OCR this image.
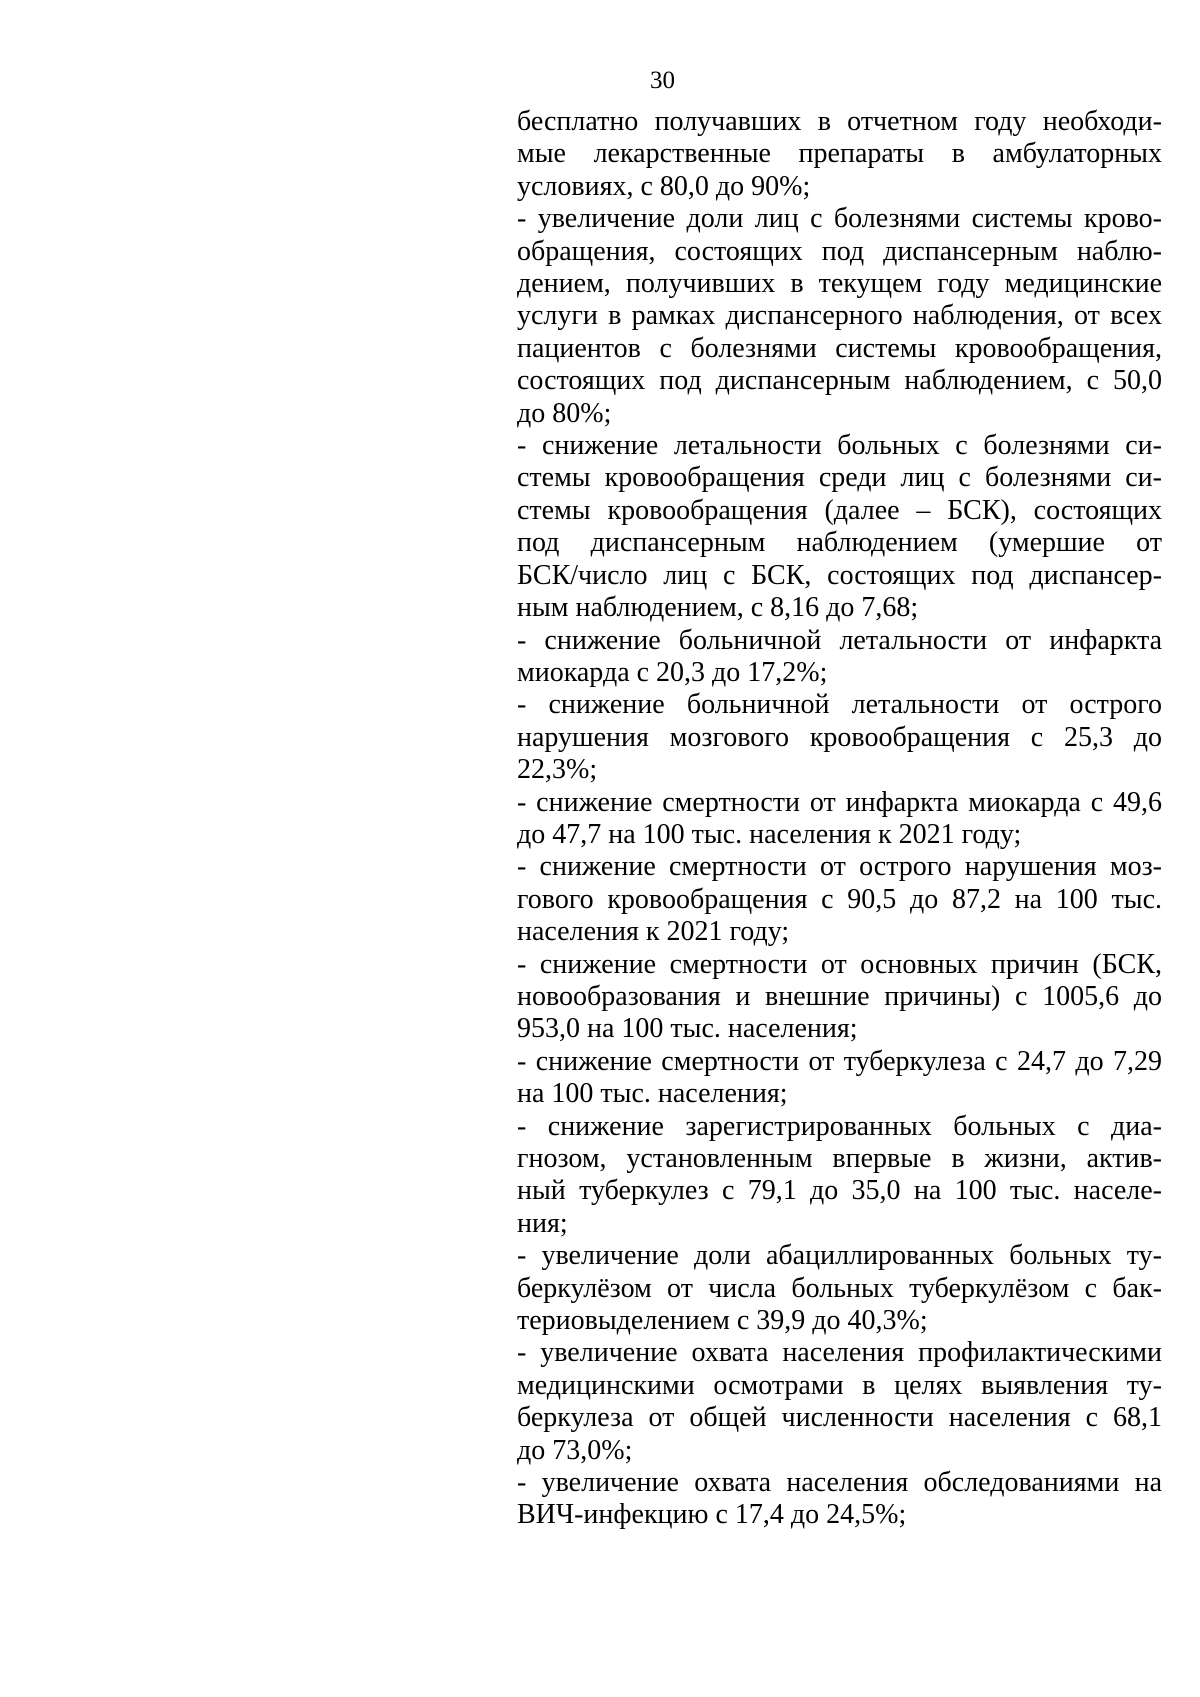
30

бесплатно получавших в отчетном году необходи-
мые лекарственные препараты в амбулаторных
условиях, с 80,0 до 90%;

- увеличение доли лиц с болезнями системы крово-
обращения, состоящих под диспансерным наблю-
дением, получивших в текущем году медицинские
услуги в рамках диспансерного наблюдения, от всех
пациентов с болезнями системы кровообращения,
состоящих под диспансерным наблюдением, с 50,0
до 80%;

- снижение летальности больных с болезнями си-
стемы кровообращения среди лиц с болезнями си-
стемы кровообращения (далее – БСК), состоящих
под диспансерным наблюдением (умершие от
БСК/число лиц с БСК, состоящих под диспансер-
ным наблюдением, с 8,16 до 7,68;

- снижение больничной летальности от инфаркта
миокарда с 20,3 до 17,2%;

- снижение больничной летальности от острого
нарушения мозгового кровообращения с 25,3 до
22,3%;

- снижение смертности от инфаркта миокарда с 49,6
до 47,7 на 100 тыс. населения к 2021 году;

- снижение смертности от острого нарушения моз-
гового кровообращения с 90,5 до 87,2 на 100 тыс.
населения к 2021 году;

- снижение смертности от основных причин (БСК,
новообразования и внешние причины) с 1005,6 до
953,0 на 100 тыс. населения;

- снижение смертности от туберкулеза с 24,7 до 7,29
на 100 тыс. населения;

- снижение зарегистрированных больных с диа-
гнозом, установленным впервые в жизни, актив-
ный туберкулез с 79,1 до 35,0 на 100 тыс. населе-
ния;

- увеличение доли абациллированных больных ту-
беркулёзом от числа больных туберкулёзом с бак-
териовыделением с 39,9 до 40,3%;

- увеличение охвата населения профилактическими
медицинскими осмотрами в целях выявления ту-
беркулеза от общей численности населения с 68,1
до 73,0%;

- увеличение охвата населения обследованиями на
ВИЧ-инфекцию с 17,4 до 24,5%;
